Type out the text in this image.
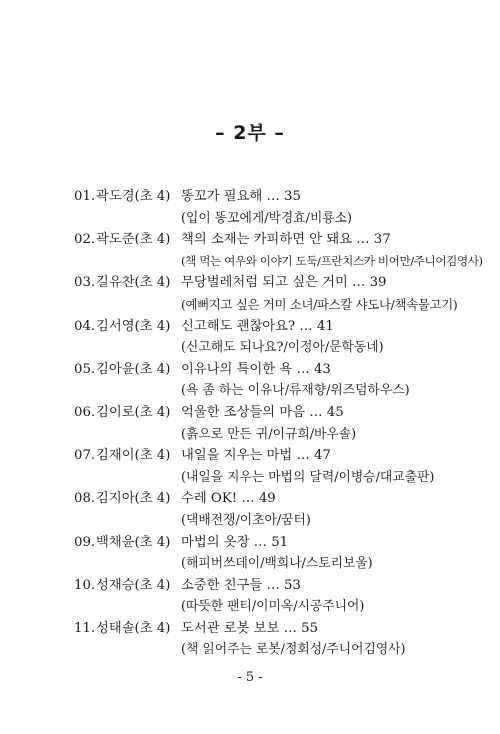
– 2부 –
01.곽도경(초 4) 똥꼬가 필요해 … 35
(입이 똥꼬에게/박경효/비룡소)
02.곽도준(초 4) 책의 소재는 카피하면 안 돼요 … 37
(책 먹는 여우와 이야기 도둑/프란치스카 비어만/주니어김영사)
03.길유찬(초 4) 무당벌레처럼 되고 싶은 거미 … 39
(예뻐지고 싶은 거미 소녀/파스칼 샤도나/책속물고기)
04.김서영(초 4) 신고해도 괜찮아요? … 41
(신고해도 되나요?/이정아/문학동네)
05.김아윤(초 4) 이유나의 특이한 욕 … 43
(욕 좀 하는 이유나/류재향/위즈덤하우스)
06.김이로(초 4) 억울한 조상들의 마음 … 45
(흙으로 만든 귀/이규희/바우솔)
07.김재이(초 4) 내일을 지우는 마법 … 47
(내일을 지우는 마법의 달력/이병승/대교출판)
08.김지아(초 4) 수레 OK! … 49
(댁배전쟁/이초아/꿈터)
09.백채윤(초 4) 마법의 옷장 … 51
(해피버쓰데이/백희나/스토리보울)
10.성재승(초 4) 소중한 친구들 … 53
(따뜻한 팬티/이미옥/시공주니어)
11.성태솔(초 4) 도서관 로봇 보보 … 55
(책 읽어주는 로봇/정회성/주니어김영사)
- 5 -
